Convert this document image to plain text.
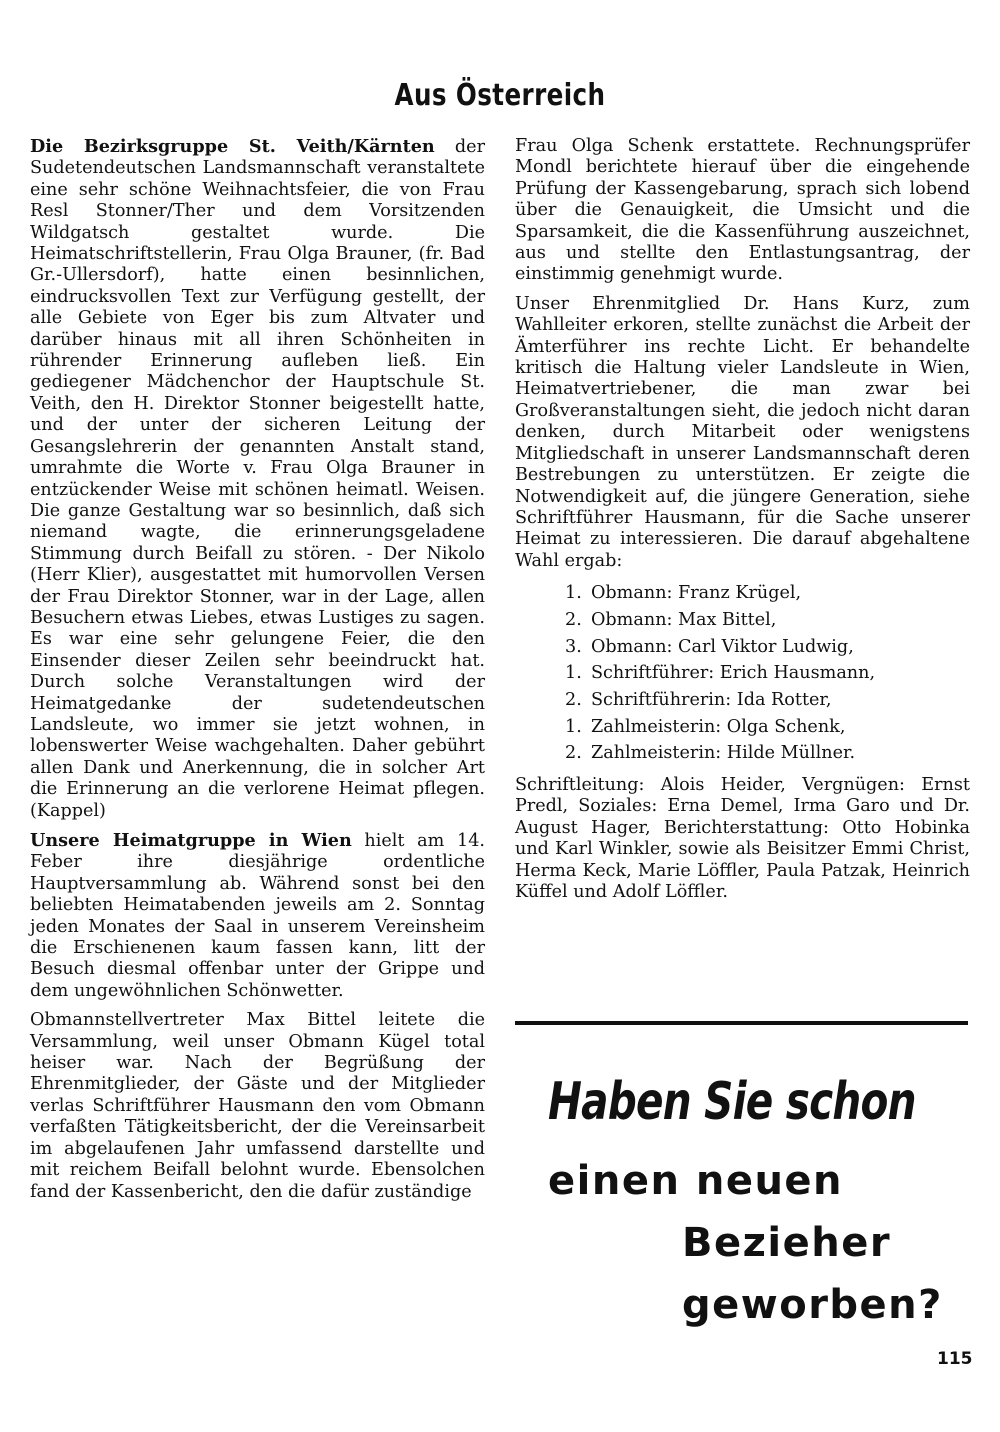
Aus Österreich

Die Bezirksgruppe St. Veith/Kärnten der Sudetendeutschen Landsmannschaft veranstaltete eine sehr schöne Weihnachtsfeier, die von Frau Resl Stonner/Ther und dem Vorsitzenden Wildgatsch gestaltet wurde. Die Heimatschriftstellerin, Frau Olga Brauner, (fr. Bad Gr.-Ullersdorf), hatte einen besinnlichen, eindrucksvollen Text zur Verfügung gestellt, der alle Gebiete von Eger bis zum Altvater und darüber hinaus mit all ihren Schönheiten in rührender Erinnerung aufleben ließ. Ein gediegener Mädchenchor der Hauptschule St. Veith, den H. Direktor Stonner beigestellt hatte, und der unter der sicheren Leitung der Gesangslehrerin der genannten Anstalt stand, umrahmte die Worte v. Frau Olga Brauner in entzückender Weise mit schönen heimatl. Weisen. Die ganze Gestaltung war so besinnlich, daß sich niemand wagte, die erinnerungsgeladene Stimmung durch Beifall zu stören. - Der Nikolo (Herr Klier), ausgestattet mit humorvollen Versen der Frau Direktor Stonner, war in der Lage, allen Besuchern etwas Liebes, etwas Lustiges zu sagen. Es war eine sehr gelungene Feier, die den Einsender dieser Zeilen sehr beeindruckt hat. Durch solche Veranstaltungen wird der Heimatgedanke der sudetendeutschen Landsleute, wo immer sie jetzt wohnen, in lobenswerter Weise wachgehalten. Daher gebührt allen Dank und Anerkennung, die in solcher Art die Erinnerung an die verlorene Heimat pflegen. (Kappel)

Unsere Heimatgruppe in Wien hielt am 14. Feber ihre diesjährige ordentliche Hauptversammlung ab. Während sonst bei den beliebten Heimatabenden jeweils am 2. Sonntag jeden Monates der Saal in unserem Vereinsheim die Erschienenen kaum fassen kann, litt der Besuch diesmal offenbar unter der Grippe und dem ungewöhnlichen Schönwetter.

Obmannstellvertreter Max Bittel leitete die Versammlung, weil unser Obmann Kügel total heiser war. Nach der Begrüßung der Ehrenmitglieder, der Gäste und der Mitglieder verlas Schriftführer Hausmann den vom Obmann verfaßten Tätigkeitsbericht, der die Vereinsarbeit im abgelaufenen Jahr umfassend darstellte und mit reichem Beifall belohnt wurde. Ebensolchen fand der Kassenbericht, den die dafür zuständige

Frau Olga Schenk erstattete. Rechnungsprüfer Mondl berichtete hierauf über die eingehende Prüfung der Kassengebarung, sprach sich lobend über die Genauigkeit, die Umsicht und die Sparsamkeit, die die Kassenführung auszeichnet, aus und stellte den Entlastungsantrag, der einstimmig genehmigt wurde.

Unser Ehrenmitglied Dr. Hans Kurz, zum Wahlleiter erkoren, stellte zunächst die Arbeit der Ämterführer ins rechte Licht. Er behandelte kritisch die Haltung vieler Landsleute in Wien, Heimatvertriebener, die man zwar bei Großveranstaltungen sieht, die jedoch nicht daran denken, durch Mitarbeit oder wenigstens Mitgliedschaft in unserer Landsmannschaft deren Bestrebungen zu unterstützen. Er zeigte die Notwendigkeit auf, die jüngere Generation, siehe Schriftführer Hausmann, für die Sache unserer Heimat zu interessieren. Die darauf abgehaltene Wahl ergab:

1. Obmann: Franz Krügel,
2. Obmann: Max Bittel,
3. Obmann: Carl Viktor Ludwig,
1. Schriftführer: Erich Hausmann,
2. Schriftführerin: Ida Rotter,
1. Zahlmeisterin: Olga Schenk,
2. Zahlmeisterin: Hilde Müllner.

Schriftleitung: Alois Heider, Vergnügen: Ernst Predl, Soziales: Erna Demel, Irma Garo und Dr. August Hager, Berichterstattung: Otto Hobinka und Karl Winkler, sowie als Beisitzer Emmi Christ, Herma Keck, Marie Löffler, Paula Patzak, Heinrich Küffel und Adolf Löffler.

Haben Sie schon
einen neuen
Bezieher
geworben?
115
